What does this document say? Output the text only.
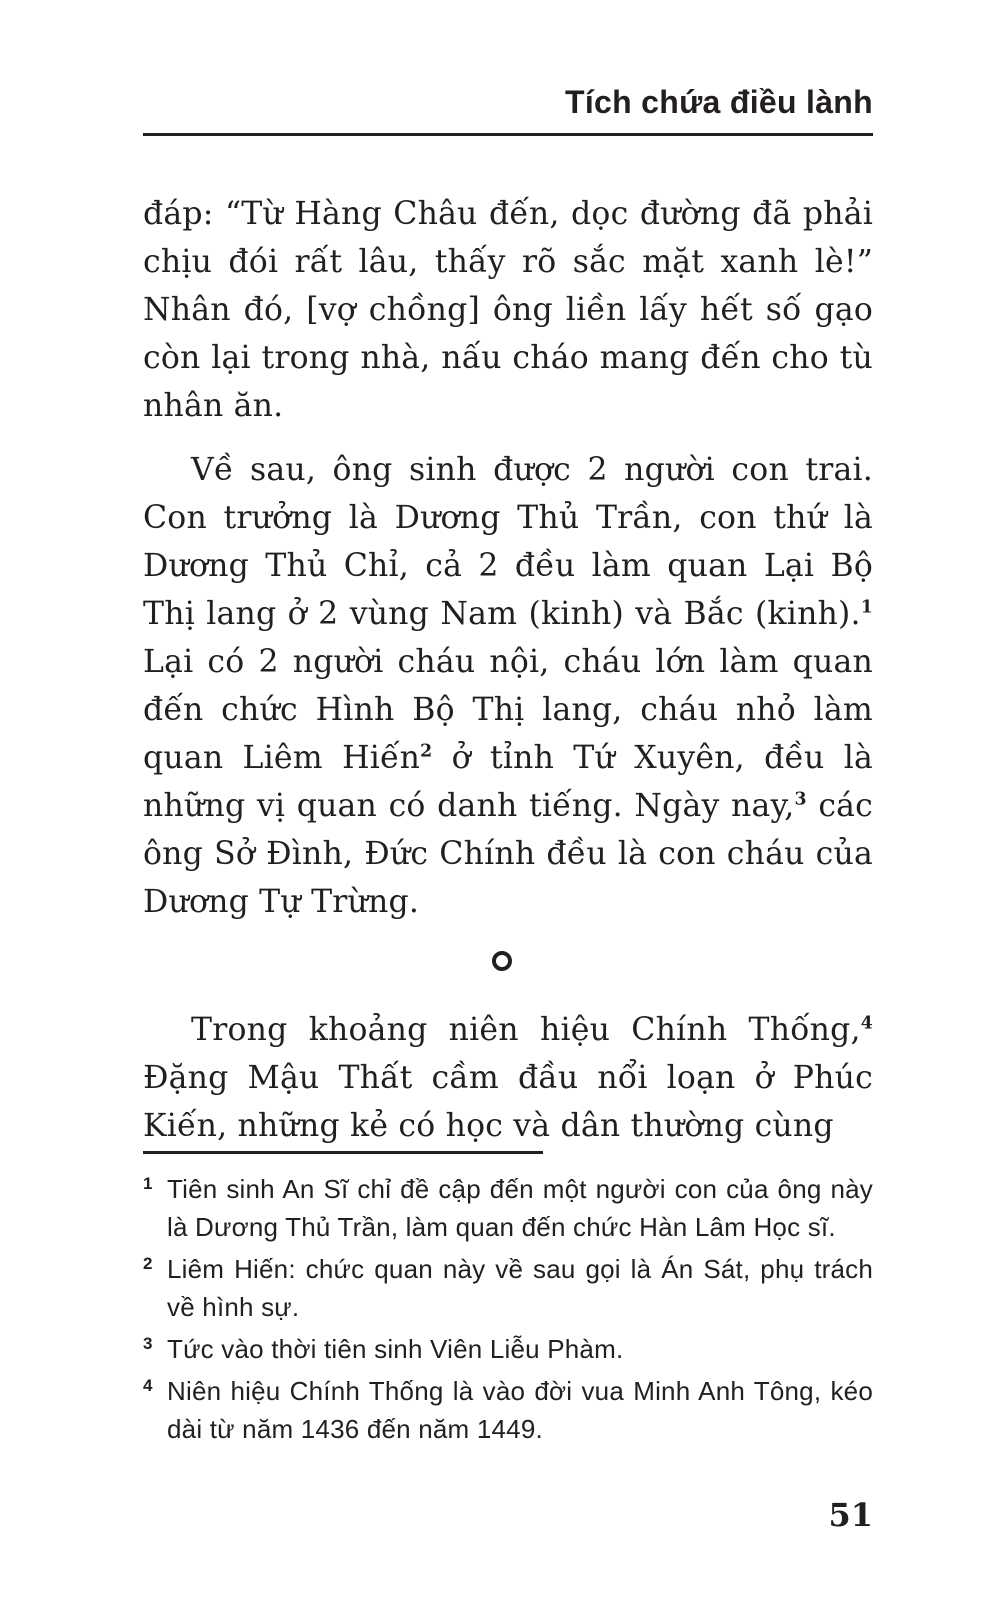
Tích chứa điều lành

đáp: “Từ Hàng Châu đến, dọc đường đã phải chịu đói rất lâu, thấy rõ sắc mặt xanh lè!” Nhân đó, [vợ chồng] ông liền lấy hết số gạo còn lại trong nhà, nấu cháo mang đến cho tù nhân ăn.

Về sau, ông sinh được 2 người con trai. Con trưởng là Dương Thủ Trần, con thứ là Dương Thủ Chỉ, cả 2 đều làm quan Lại Bộ Thị lang ở 2 vùng Nam (kinh) và Bắc (kinh).$^1$ Lại có 2 người cháu nội, cháu lớn làm quan đến chức Hình Bộ Thị lang, cháu nhỏ làm quan Liêm Hiến$^2$ ở tỉnh Tứ Xuyên, đều là những vị quan có danh tiếng. Ngày nay,$^3$ các ông Sở Đình, Đức Chính đều là con cháu của Dương Tự Trừng.

Trong khoảng niên hiệu Chính Thống,$^4$ Đặng Mậu Thất cầm đầu nổi loạn ở Phúc Kiến, những kẻ có học và dân thường cùng

1 Tiên sinh An Sĩ chỉ đề cập đến một người con của ông này là Dương Thủ Trần, làm quan đến chức Hàn Lâm Học sĩ.
2 Liêm Hiến: chức quan này về sau gọi là Án Sát, phụ trách về hình sự.
3 Tức vào thời tiên sinh Viên Liễu Phàm.
4 Niên hiệu Chính Thống là vào đời vua Minh Anh Tông, kéo dài từ năm 1436 đến năm 1449.
51
